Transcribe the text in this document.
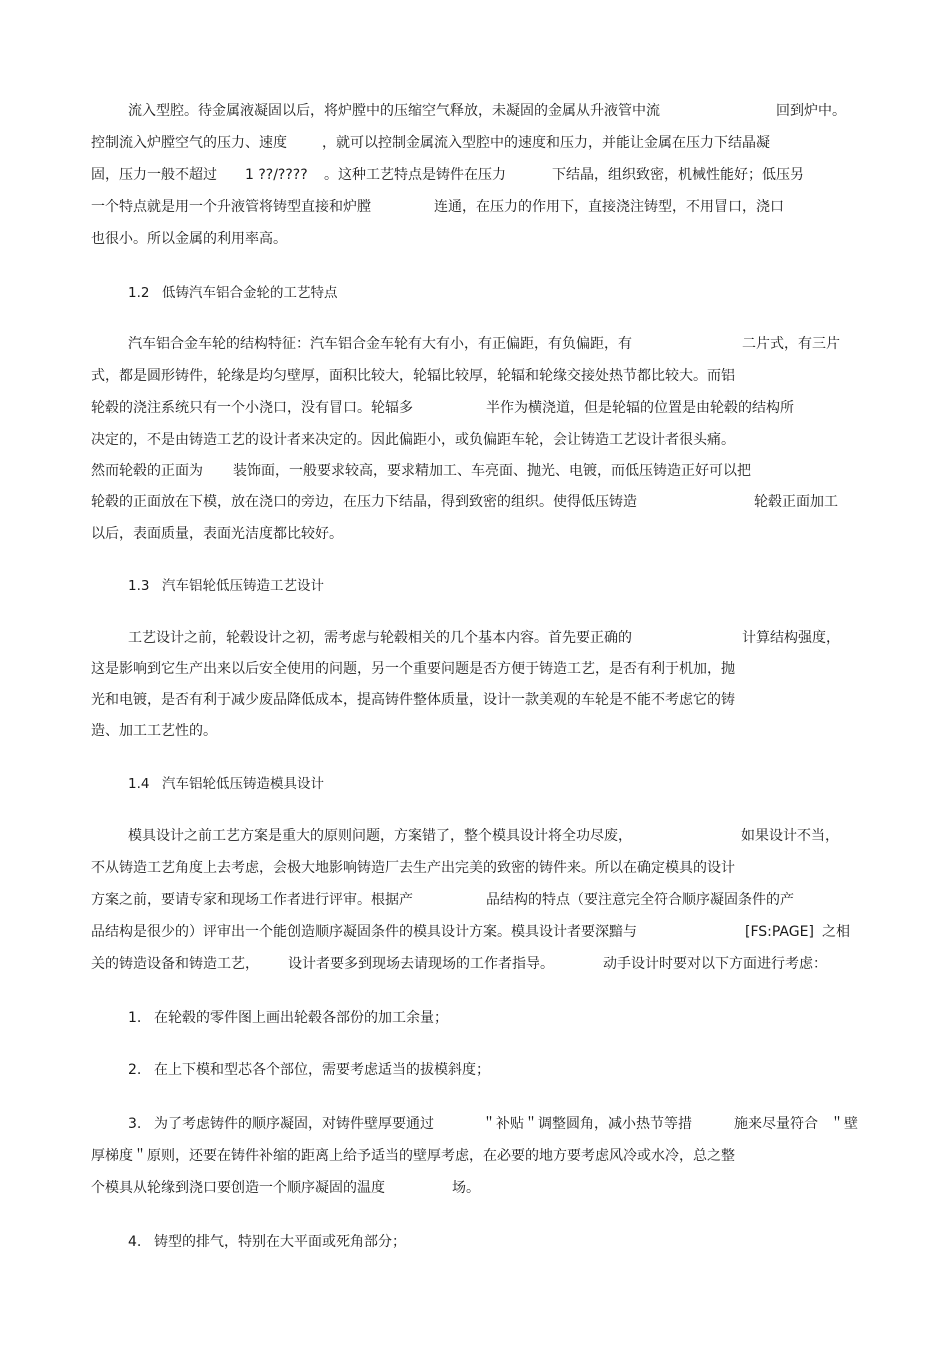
流入型腔。待金属液凝固以后，将炉膛中的压缩空气释放，未凝固的金属从升液管中流	回到炉中。
控制流入炉膛空气的压力、速度	，就可以控制金属流入型腔中的速度和压力，并能让金属在压力下结晶凝
固，压力一般不超过 1 ??/???? 。这种工艺特点是铸件在压力	下结晶，组织致密，机械性能好；低压另
一个特点就是用一个升液管将铸型直接和炉膛	连通，在压力的作用下，直接浇注铸型，不用冒口，浇口
也很小。所以金属的利用率高。
1.2 低铸汽车铝合金轮的工艺特点
汽车铝合金车轮的结构特征：汽车铝合金车轮有大有小，有正偏距，有负偏距，有	二片式，有三片
式，都是圆形铸件，轮缘是均匀壁厚，面积比较大，轮辐比较厚，轮辐和轮缘交接处热节都比较大。而铝
轮毂的浇注系统只有一个小浇口，没有冒口。轮辐多	半作为横浇道，但是轮辐的位置是由轮毂的结构所
决定的，不是由铸造工艺的设计者来决定的。因此偏距小，或负偏距车轮，会让铸造工艺设计者很头痛。
然而轮毂的正面为 装饰面，一般要求较高，要求精加工、车亮面、抛光、电镀，而低压铸造正好可以把
轮毂的正面放在下模，放在浇口的旁边，在压力下结晶，得到致密的组织。使得低压铸造	轮毂正面加工
以后，表面质量，表面光洁度都比较好。
1.3 汽车铝轮低压铸造工艺设计
工艺设计之前，轮毂设计之初，需考虑与轮毂相关的几个基本内容。首先要正确的	计算结构强度，
这是影响到它生产出来以后安全使用的问题，另一个重要问题是否方便于铸造工艺，是否有利于机加，抛
光和电镀，是否有利于减少废品降低成本，提高铸件整体质量，设计一款美观的车轮是不能不考虑它的铸
造、加工工艺性的。
1.4 汽车铝轮低压铸造模具设计
模具设计之前工艺方案是重大的原则问题，方案错了，整个模具设计将全功尽废，	如果设计不当，
不从铸造工艺角度上去考虑，会极大地影响铸造厂去生产出完美的致密的铸件来。所以在确定模具的设计
方案之前，要请专家和现场工作者进行评审。根据产	品结构的特点（要注意完全符合顺序凝固条件的产
品结构是很少的）评审出一个能创造顺序凝固条件的模具设计方案。模具设计者要深黯与	[FS:PAGE] 之相
关的铸造设备和铸造工艺， 设计者要多到现场去请现场的工作者指导。	动手设计时要对以下方面进行考虑：
1. 在轮毂的零件图上画出轮毂各部份的加工余量；
2. 在上下模和型芯各个部位，需要考虑适当的拔模斜度；
3. 为了考虑铸件的顺序凝固，对铸件壁厚要通过	＂补贴＂调整圆角，减小热节等措	施来尽量符合 ＂壁
厚梯度＂原则，还要在铸件补缩的距离上给予适当的壁厚考虑，在必要的地方要考虑风冷或水冷，总之整
个模具从轮缘到浇口要创造一个顺序凝固的温度	场。
4. 铸型的排气，特别在大平面或死角部分；
